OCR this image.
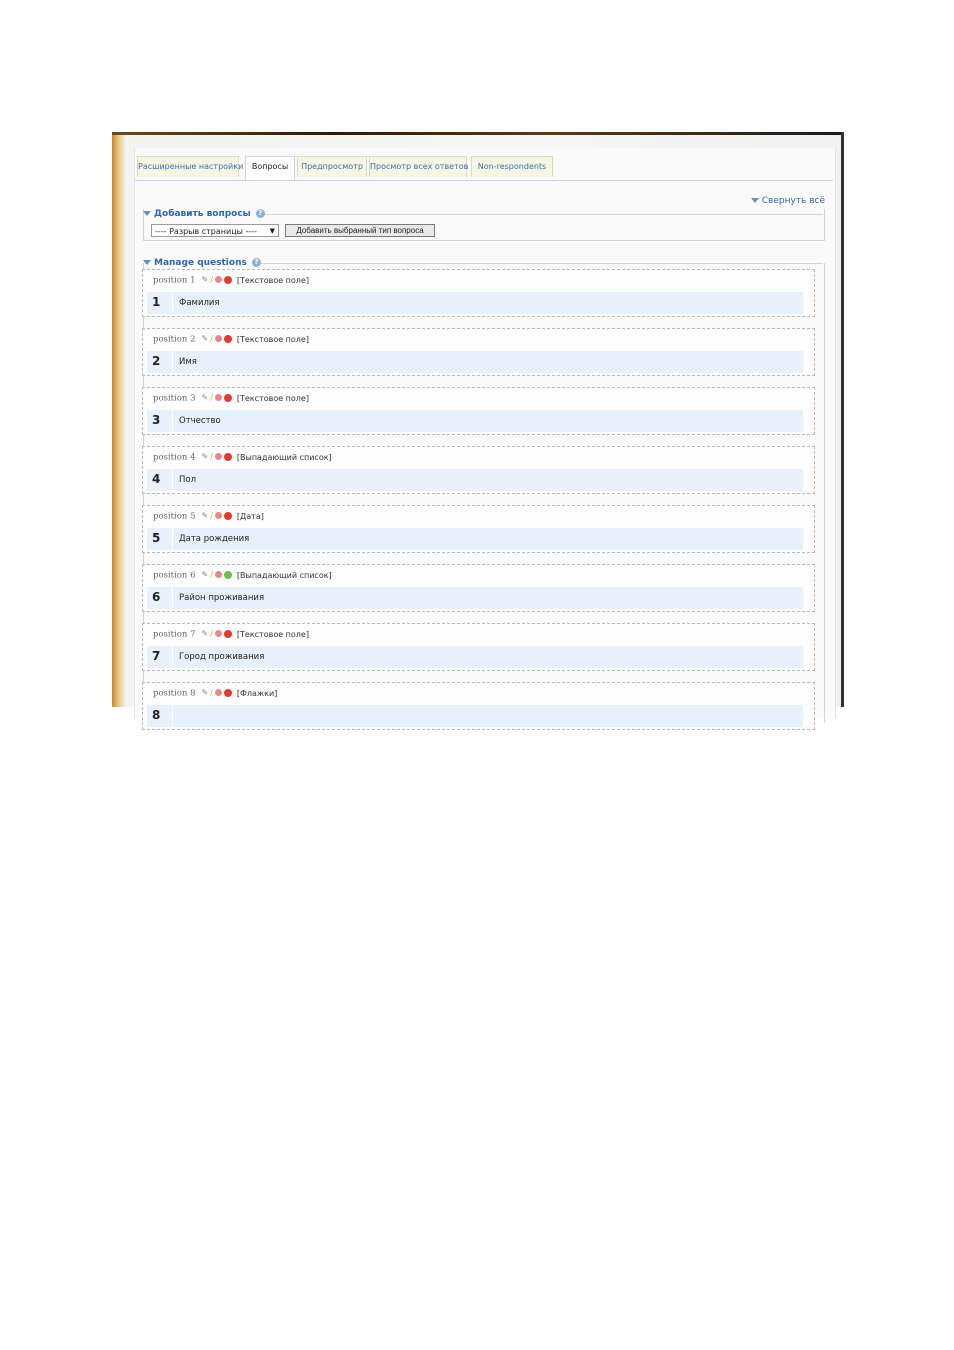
Расширенные настройки	Вопросы	Предпросмотр Просмотр всех ответов	Non-respondents
Свернуть всё
Добавить вопросы ?
---- Разрыв страницы ---- ▼	Добавить выбранный тип вопроса
Manage questions ?
position 1 ✎ ∕	[Текстовое поле]
1 Фамилия
position 2 ✎ ∕	[Текстовое поле]
2 Имя
position 3 ✎ ∕	[Текстовое поле]
3 Отчество
position 4 ✎ ∕	[Выпадающий список]
4 Пол
position 5 ✎ ∕	[Дата]
5 Дата рождения
position 6 ✎ ∕	[Выпадающий список]
6 Район проживания
position 7 ✎ ∕	[Текстовое поле]
7 Город проживания
position 8 ✎ ∕	[Флажки]
8
